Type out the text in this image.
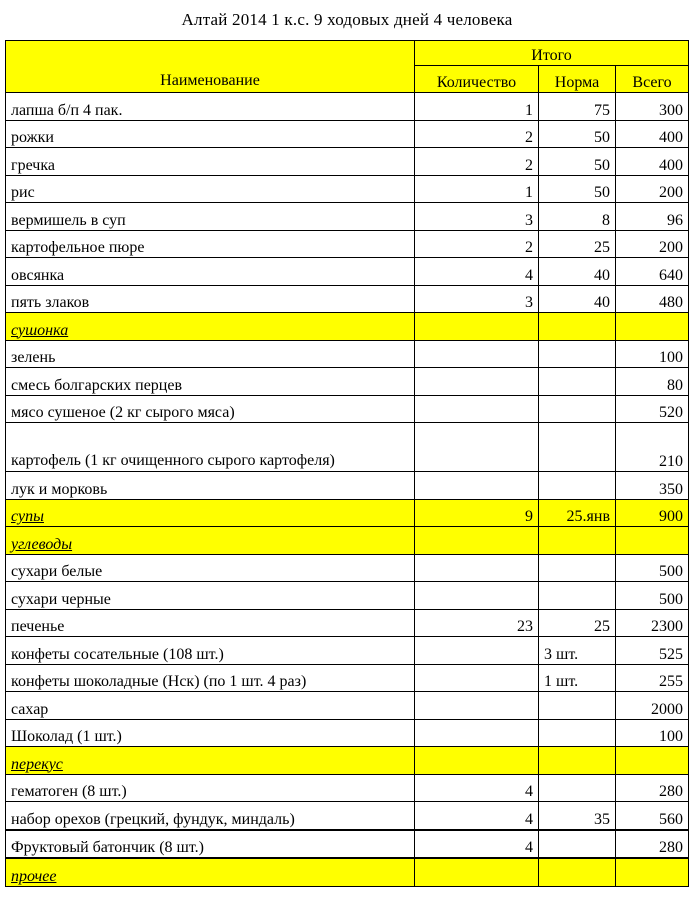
Алтай 2014 1 к.с. 9 ходовых дней 4 человека
Наименование	Итого		
	Количество	Норма	Всего
лапша б/п 4 пак.	1	75	300
рожки	2	50	400
гречка	2	50	400
рис	1	50	200
вермишель в суп	3	8	96
картофельное пюре	2	25	200
овсянка	4	40	640
пять злаков	3	40	480
сушонка			
зелень			100
смесь болгарских перцев			80
мясо сушеное (2 кг сырого мяса)			520
картофель (1 кг очищенного сырого картофеля)			210
лук и морковь			350
супы	9	25.янв	900
углеводы			
сухари белые			500
сухари черные			500
печенье	23	25	2300
конфеты сосательные (108 шт.)		3 шт.	525
конфеты шоколадные (Нск) (по 1 шт. 4 раз)		1 шт.	255
сахар			2000
Шоколад (1 шт.)			100
перекус			
гематоген (8 шт.)	4		280
набор орехов (грецкий, фундук, миндаль)	4	35	560
Фруктовый батончик (8 шт.)	4		280
прочее			
